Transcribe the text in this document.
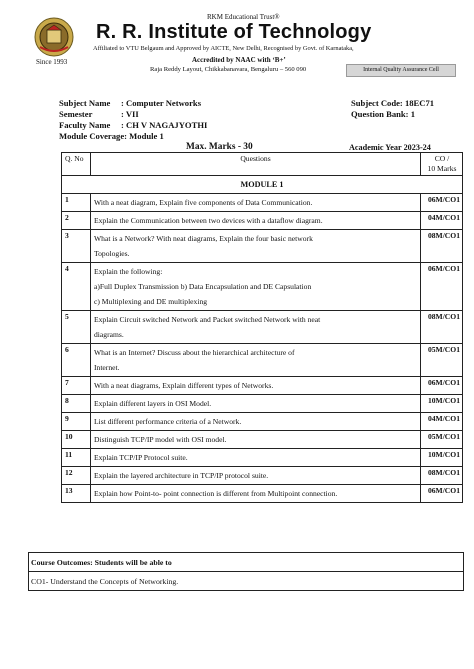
RKM Educational Trust®
R. R. Institute of Technology
Affiliated to VTU Belgaum and Approved by AICTE, New Delhi, Recognised by Govt. of Karnataka,
Accredited by NAAC with ‘B+’
Raja Reddy Layout, Chikkabanavara, Bengaluru – 560 090
Since 1993
Internal Quality Assurance Cell
Subject Name : Computer Networks
Semester	: VII
Faculty Name : CH V NAGAJYOTHI
Module Coverage: Module 1
Subject Code: 18EC71
Question Bank: 1
Max. Marks - 30	Academic Year 2023-24
Q. No	Questions	CO /
10 Marks

MODULE 1		
1	With a neat diagram, Explain five components of Data Communication.	06M/CO1
2	Explain the Communication between two devices with a dataflow diagram.	04M/CO1
3	What is a Network? With neat diagrams, Explain the four basic network
Topologies.	08M/CO1
4	Explain the following:
a)Full Duplex Transmission b) Data Encapsulation and DE Capsulation
c) Multiplexing and DE multiplexing	06M/CO1
5	Explain Circuit switched Network and Packet switched Network with neat
diagrams.	08M/CO1
6	What is an Internet? Discuss about the hierarchical architecture of
Internet.	05M/CO1
7	With a neat diagrams, Explain different types of Networks.	06M/CO1
8	Explain different layers in OSI Model.	10M/CO1
9	List different performance criteria of a Network.	04M/CO1
10	Distinguish TCP/IP model with OSI model.	05M/CO1
11	Explain TCP/IP Protocol suite.	10M/CO1
12	Explain the layered architecture in TCP/IP protocol suite.	08M/CO1
13	Explain how Point-to- point connection is different from Multipoint connection.	06M/CO1
Course Outcomes: Students will be able to
CO1- Understand the Concepts of Networking.
